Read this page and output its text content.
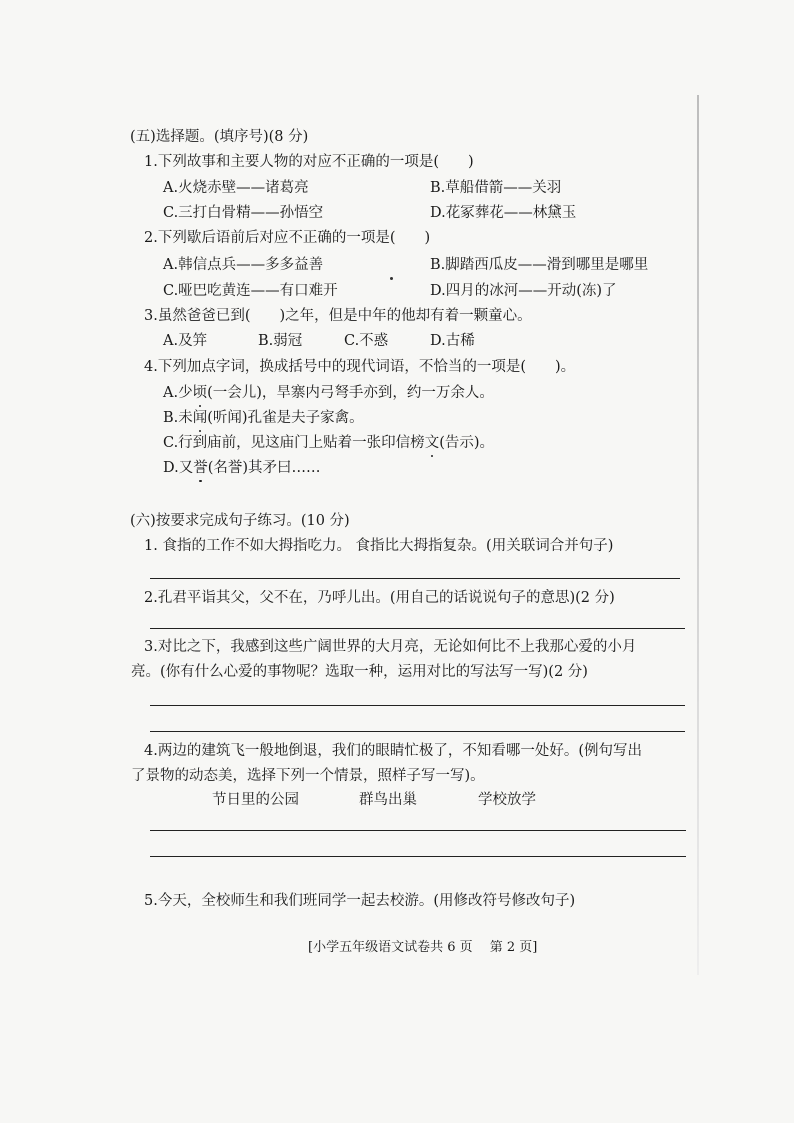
(五)选择题。(填序号)(8 分)
1.下列故事和主要人物的对应不正确的一项是(　　)
A.火烧赤壁——诸葛亮	B.草船借箭——关羽
C.三打白骨精——孙悟空	D.花冢葬花——林黛玉
2.下列歇后语前后对应不正确的一项是(　　)
A.韩信点兵——多多益善	B.脚踏西瓜皮——滑到哪里是哪里
C.哑巴吃黄连——有口难开	D.四月的冰河——开动(冻)了
3.虽然爸爸已到(　　)之年，但是中年的他却有着一颗童心。
A.及笄	B.弱冠	C.不惑	D.古稀
4.下列加点字词，换成括号中的现代词语，不恰当的一项是(　　)。
A.少顷(一会儿)，旱寨内弓弩手亦到，约一万余人。
B.未闻(听闻)孔雀是夫子家禽。
C.行到庙前，见这庙门上贴着一张印信榜文(告示)。
D.又誉(名誉)其矛曰……
(六)按要求完成句子练习。(10 分)
1. 食指的工作不如大拇指吃力。 食指比大拇指复杂。(用关联词合并句子)
2.孔君平诣其父，父不在，乃呼儿出。(用自己的话说说句子的意思)(2 分)
3.对比之下，我感到这些广阔世界的大月亮，无论如何比不上我那心爱的小月
亮。(你有什么心爱的事物呢？选取一种，运用对比的写法写一写)(2 分)
4.两边的建筑飞一般地倒退，我们的眼睛忙极了，不知看哪一处好。(例句写出
了景物的动态美，选择下列一个情景，照样子写一写)。
节日里的公园	群鸟出巢	学校放学
5.今天，全校师生和我们班同学一起去校游。(用修改符号修改句子)
[小学五年级语文试卷共 6 页　 第 2 页]
